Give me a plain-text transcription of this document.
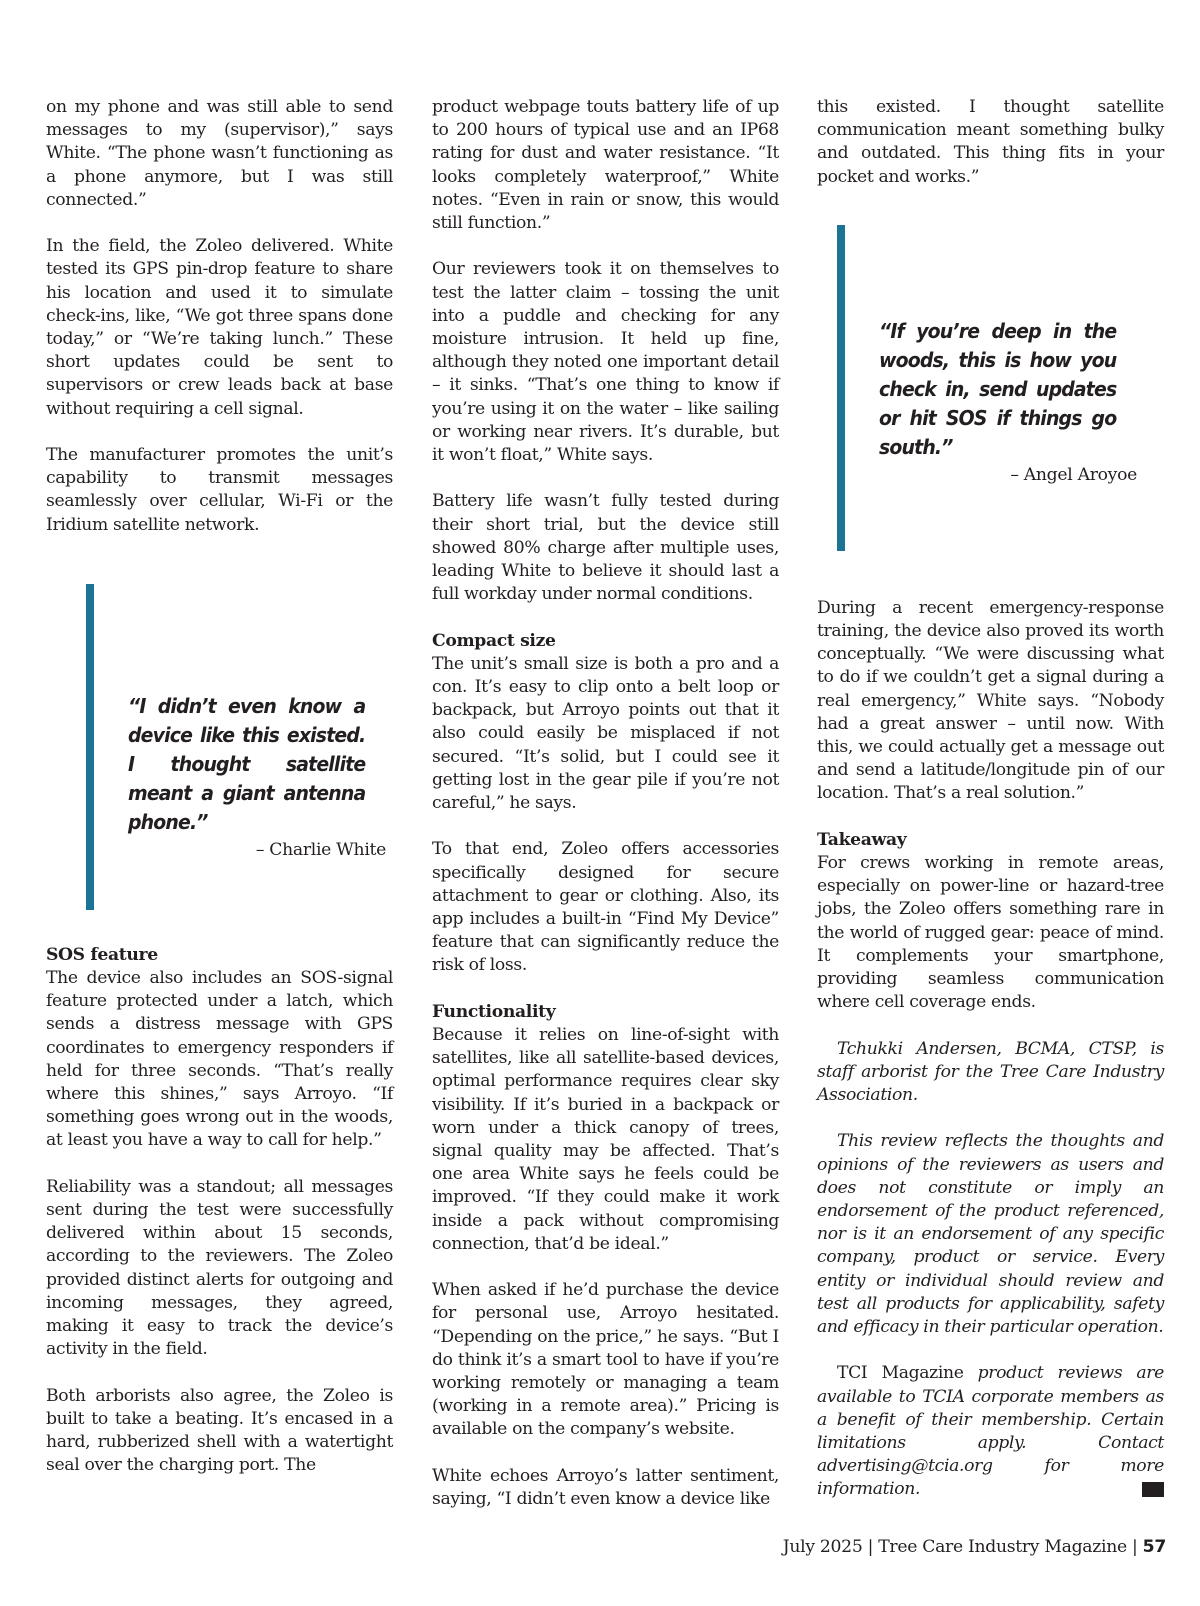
on my phone and was still able to send messages to my (supervisor),” says White. “The phone wasn’t functioning as a phone anymore, but I was still connected.”

In the field, the Zoleo delivered. White tested its GPS pin-drop feature to share his location and used it to simulate check-ins, like, “We got three spans done today,” or “We’re taking lunch.” These short updates could be sent to supervisors or crew leads back at base without requiring a cell signal.

The manufacturer promotes the unit’s capability to transmit messages seamlessly over cellular, Wi-Fi or the Iridium satellite network.

“I didn’t even know a device like this existed. I thought satellite meant a giant antenna phone.”

– Charlie White

SOS feature

The device also includes an SOS-signal feature protected under a latch, which sends a distress message with GPS coordinates to emergency responders if held for three seconds. “That’s really where this shines,” says Arroyo. “If something goes wrong out in the woods, at least you have a way to call for help.”

Reliability was a standout; all messages sent during the test were successfully delivered within about 15 seconds, according to the reviewers. The Zoleo provided distinct alerts for outgoing and incoming messages, they agreed, making it easy to track the device’s activity in the field.

Both arborists also agree, the Zoleo is built to take a beating. It’s encased in a hard, rubberized shell with a watertight seal over the charging port. The

product webpage touts battery life of up to 200 hours of typical use and an IP68 rating for dust and water resistance. “It looks completely waterproof,” White notes. “Even in rain or snow, this would still function.”

Our reviewers took it on themselves to test the latter claim – tossing the unit into a puddle and checking for any moisture intrusion. It held up fine, although they noted one important detail – it sinks. “That’s one thing to know if you’re using it on the water – like sailing or working near rivers. It’s durable, but it won’t float,” White says.

Battery life wasn’t fully tested during their short trial, but the device still showed 80% charge after multiple uses, leading White to believe it should last a full workday under normal conditions.

Compact size

The unit’s small size is both a pro and a con. It’s easy to clip onto a belt loop or backpack, but Arroyo points out that it also could easily be misplaced if not secured. “It’s solid, but I could see it getting lost in the gear pile if you’re not careful,” he says.

To that end, Zoleo offers accessories specifically designed for secure attachment to gear or clothing. Also, its app includes a built-in “Find My Device” feature that can significantly reduce the risk of loss.

Functionality

Because it relies on line-of-sight with satellites, like all satellite-based devices, optimal performance requires clear sky visibility. If it’s buried in a backpack or worn under a thick canopy of trees, signal quality may be affected. That’s one area White says he feels could be improved. “If they could make it work inside a pack without compromising connection, that’d be ideal.”

When asked if he’d purchase the device for personal use, Arroyo hesitated. “Depending on the price,” he says. “But I do think it’s a smart tool to have if you’re working remotely or managing a team (working in a remote area).” Pricing is available on the company’s website.

White echoes Arroyo’s latter sentiment, saying, “I didn’t even know a device like

this existed. I thought satellite communication meant something bulky and outdated. This thing fits in your pocket and works.”

“If you’re deep in the woods, this is how you check in, send updates or hit SOS if things go south.”

– Angel Aroyoe

During a recent emergency-response training, the device also proved its worth conceptually. “We were discussing what to do if we couldn’t get a signal during a real emergency,” White says. “Nobody had a great answer – until now. With this, we could actually get a message out and send a latitude/longitude pin of our location. That’s a real solution.”

Takeaway

For crews working in remote areas, especially on power-line or hazard-tree jobs, the Zoleo offers something rare in the world of rugged gear: peace of mind. It complements your smartphone, providing seamless communication where cell coverage ends.

Tchukki Andersen, BCMA, CTSP, is staff arborist for the Tree Care Industry Association.

This review reflects the thoughts and opinions of the reviewers as users and does not constitute or imply an endorsement of the product referenced, nor is it an endorsement of any specific company, product or service. Every entity or individual should review and test all products for applicability, safety and efficacy in their particular operation.

TCI Magazine product reviews are available to TCIA corporate members as a benefit of their membership. Certain limitations apply. Contact advertising@tcia.org for more information.

July 2025 | Tree Care Industry Magazine | 57
